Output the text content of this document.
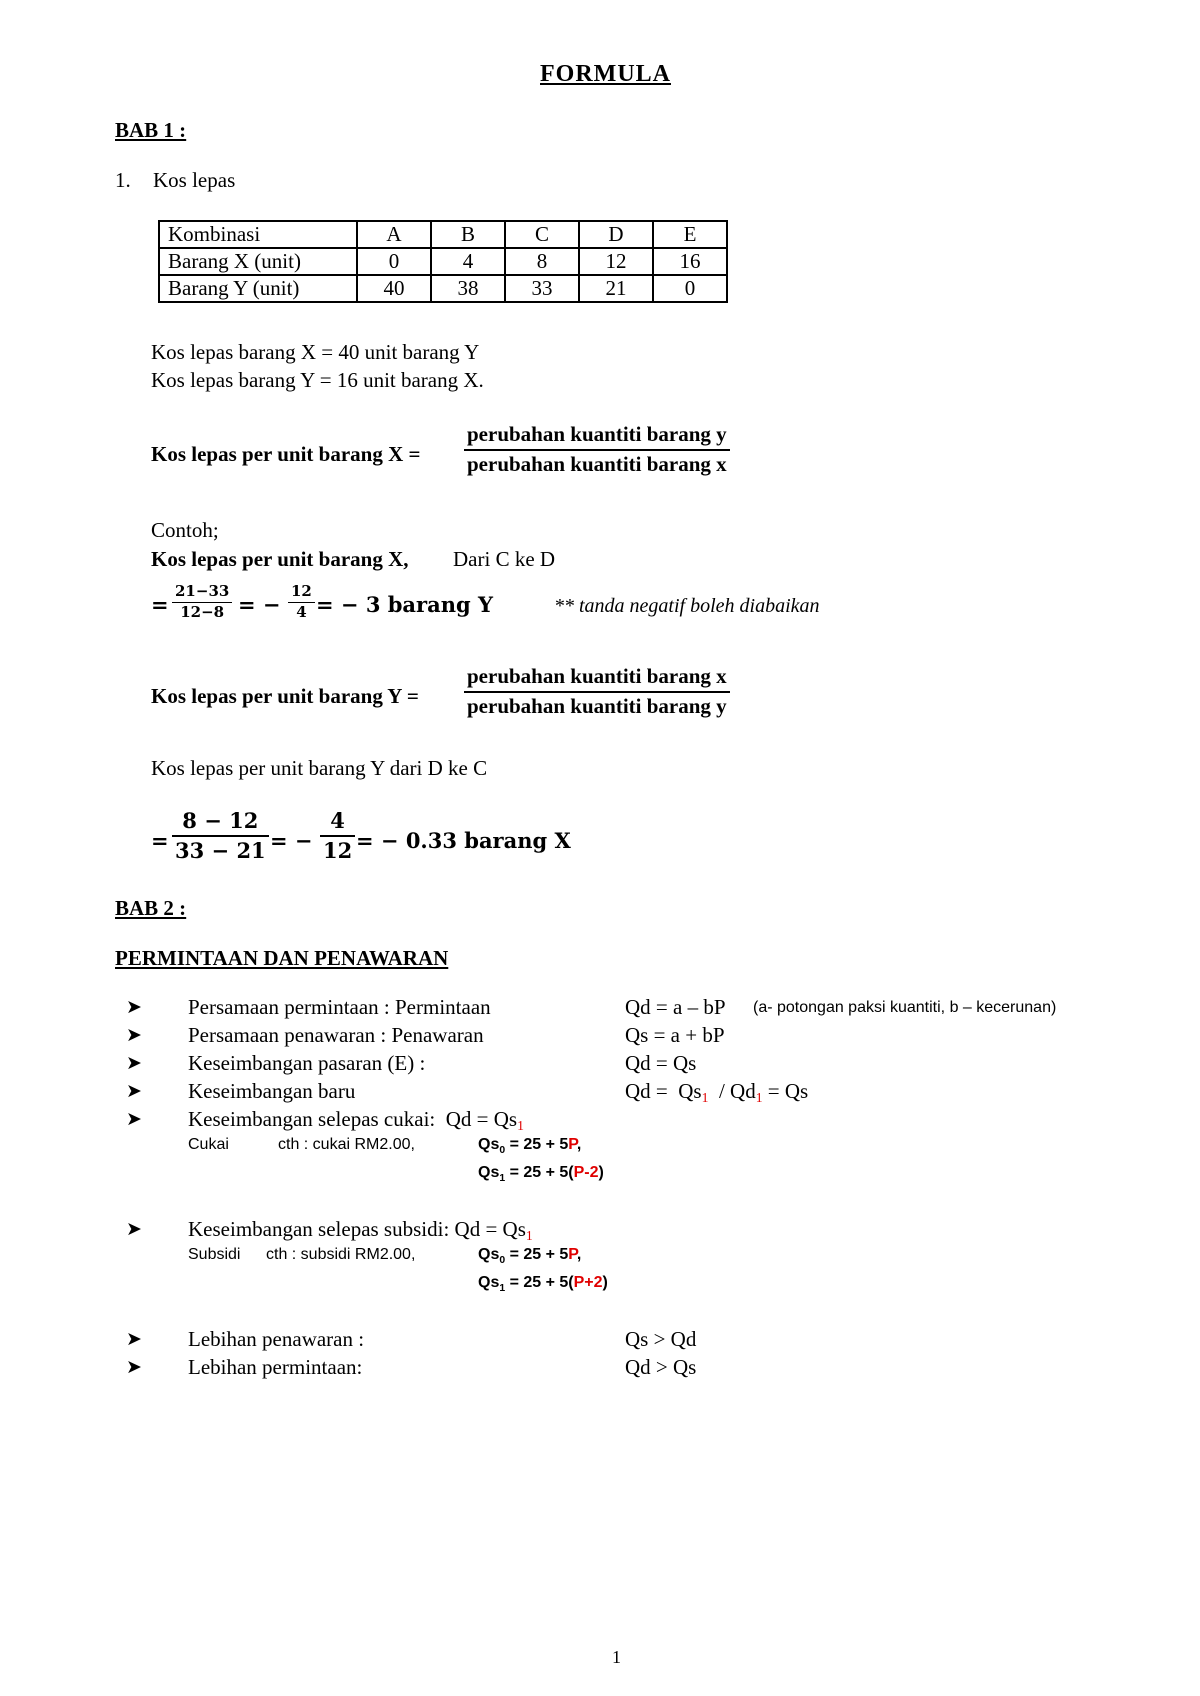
FORMULA
BAB 1 :
1. Kos lepas
Kombinasi	A	B	C	D	E
Barang X (unit)	0	4	8	12	16
Barang Y (unit)	40	38	33	21	0
Kos lepas barang X = 40 unit barang Y
Kos lepas barang Y = 16 unit barang X.
Kos lepas per unit barang X =
perubahan kuantiti barang y
perubahan kuantiti barang x
Contoh;
Kos lepas per unit barang X, Dari C ke D
=
21−33
12−8 = −
12
4 = − 3 barang Y	** tanda negatif boleh diabaikan
Kos lepas per unit barang Y =
perubahan kuantiti barang x
perubahan kuantiti barang y
Kos lepas per unit barang Y dari D ke C
=
8 − 12
33 − 21 = −
4
12 = − 0.33 barang X
BAB 2 :
PERMINTAAN DAN PENAWARAN
➤ Persamaan permintaan : Permintaan	Qd = a – bP (a- potongan paksi kuantiti, b – kecerunan)
➤ Persamaan penawaran : Penawaran	Qs = a + bP
➤ Keseimbangan pasaran (E) :	Qd = Qs
➤ Keseimbangan baru	$Qd = Qs_1 / Qd_1 = Qs$
➤ Keseimbangan selepas cukai:  $Qd = Qs_1$
Cukai	cth : cukai RM2.00,	$Qs_0 = 25 + 5P$,
$Qs_1 = 25 + 5(P-2)$
➤ Keseimbangan selepas subsidi: $Qd = Qs_1$
Subsidi cth : subsidi RM2.00,	$Qs_0 = 25 + 5P$,
$Qs_1 = 25 + 5(P+2)$
➤ Lebihan penawaran :	Qs > Qd
➤ Lebihan permintaan:	Qd > Qs
1
